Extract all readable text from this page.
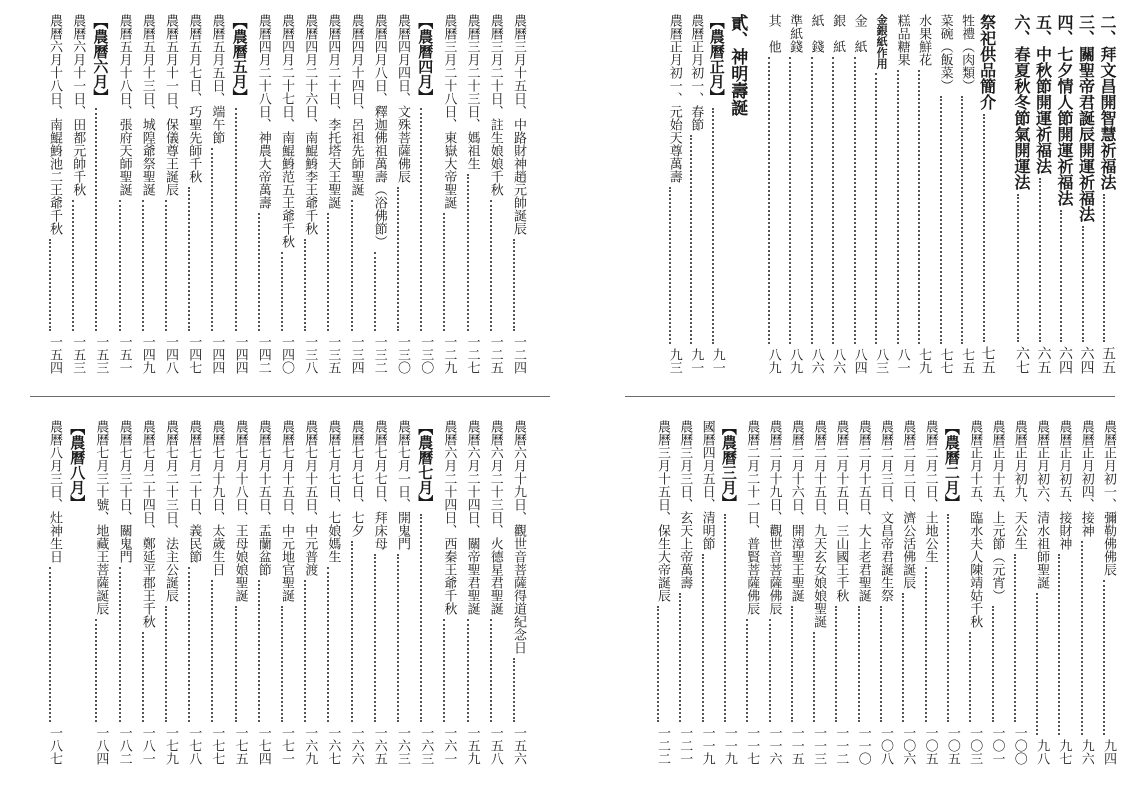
二、拜文昌開智慧祈福法
五五
三、關聖帝君誕辰開運祈福法
六四
四、七夕情人節開運祈福法
六四
五、中秋節開運祈福法
六五
六、春夏秋冬節氣開運法
六七
祭祀供品簡介
七五
牲禮（肉類）
七五
菜碗（飯菜）
七七
水果鮮花
七九
糕品糖果
八一
金銀紙作用
八三
金　紙
八四
銀　紙
八六
紙　錢
八六
準紙錢
八九
其　他
八九
貳、神明壽誕
【農曆正月】
九一
農曆正月初一、春節
九一
農曆正月初一、元始天尊萬壽
九三
農曆正月初一、彌勒佛佛辰
九四
農曆正月初四、接神
九六
農曆正月初五、接財神
九七
農曆正月初六、清水祖師聖誕
九八
農曆正月初九、天公生
一〇〇
農曆正月十五、上元節（元宵）
一〇一
農曆正月十五、臨水夫人陳靖姑千秋
一〇三
【農曆二月】
一〇五
農曆二月二日、土地公生
一〇五
農曆二月二日、濟公活佛誕辰
一〇六
農曆二月三日、文昌帝君誕生祭
一〇八
農曆二月十五日、大上老君聖誕
一一〇
農曆二月十五日、三山國王千秋
一一二
農曆二月十五日、九天玄女娘娘聖誕
一一三
農曆二月十六日、開漳聖王聖誕
一一五
農曆二月十九日、觀世音菩薩佛辰
一一六
農曆二月二十一日、普賢菩薩佛辰
一一七
【農曆三月】
一一九
國曆四月五日、清明節
一一九
農曆三月三日、玄天上帝萬壽
一二一
農曆三月十五日、保生大帝誕辰
一二二
農曆三月十五日、中路財神趙元帥誕辰
一二四
農曆三月二十日、註生娘娘千秋
一二五
農曆三月二十三日、媽祖生
一二七
農曆三月二十八日、東嶽大帝聖誕
一二九
【農曆四月】
一三〇
農曆四月四日、文殊菩薩佛辰
一三〇
農曆四月八日、釋迦佛祖萬壽（浴佛節）
一三二
農曆四月十四日、呂祖先師聖誕
一三四
農曆四月二十日、李托塔天王聖誕
一三五
農曆四月二十六日、南鯤鯓李王爺千秋
一三八
農曆四月二十七日、南鯤鯓范五王爺千秋
一四〇
農曆四月二十八日、神農大帝萬壽
一四二
【農曆五月】
一四四
農曆五月五日、端午節
一四四
農曆五月七日、巧聖先師千秋
一四七
農曆五月十一日、保儀尊王誕辰
一四八
農曆五月十三日、城隍爺祭聖誕
一四九
農曆五月十八日、張府天師聖誕
一五一
【農曆六月】
一五三
農曆六月十一日、田都元帥千秋
一五三
農曆六月十八日、南鯤鯓池二王爺千秋
一五四
農曆六月十九日、觀世音菩薩得道紀念日
一五六
農曆六月二十三日、火德星君聖誕
一五八
農曆六月二十四日、關帝聖君聖誕
一五九
農曆六月二十四日、西秦王爺千秋
一六一
【農曆七月】
一六三
農曆七月一日、開鬼門
一六三
農曆七月七日、拜床母
一六五
農曆七月七日、七夕
一六六
農曆七月七日、七娘媽生
一六七
農曆七月十五日、中元普渡
一六九
農曆七月十五日、中元地官聖誕
一七一
農曆七月十五日、盂蘭盆節
一七四
農曆七月十八日、王母娘娘聖誕
一七五
農曆七月十九日、太歲生日
一七七
農曆七月二十日、義民節
一七八
農曆七月二十三日、法主公誕辰
一七九
農曆七月二十四日、鄭延平郡王千秋
一八一
農曆七月三十日、關鬼門
一八二
農曆七月三十號、地藏王菩薩誕辰
一八四
【農曆八月】
農曆八月三日、灶神生日
一八七
